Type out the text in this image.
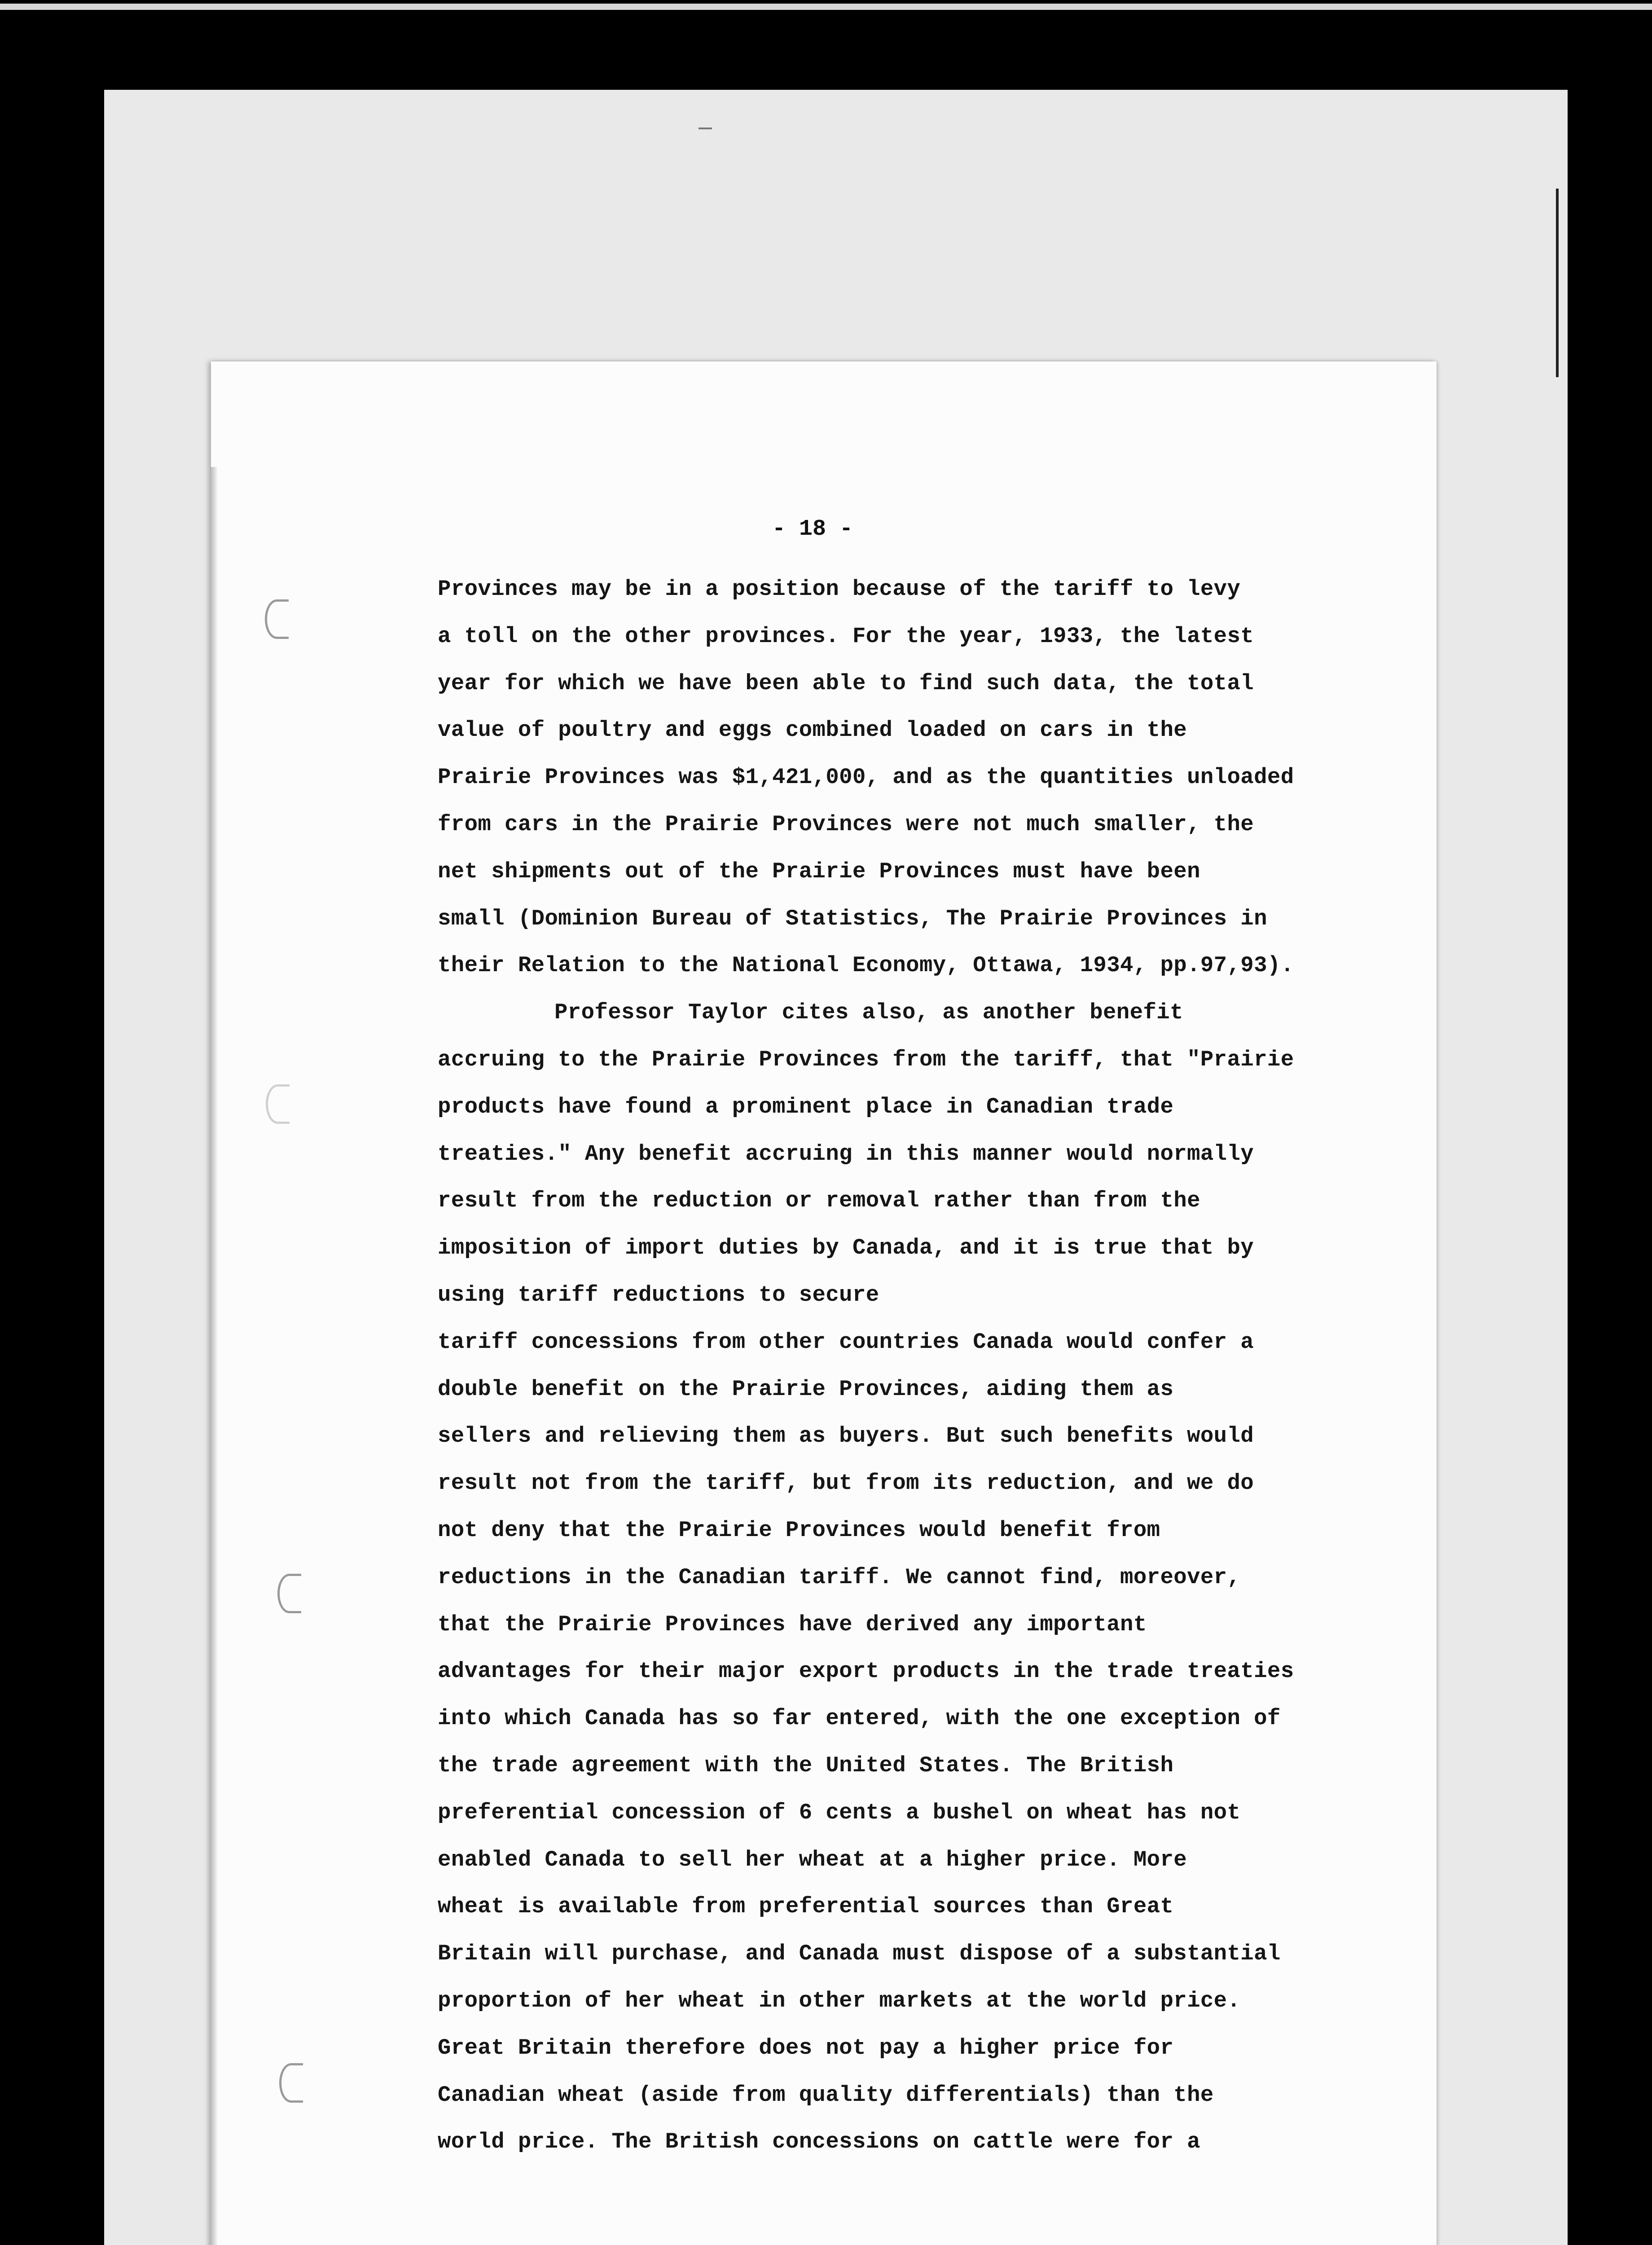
- 18 -
Provinces may be in a position because of the tariff to levy
a toll on the other provinces. For the year, 1933, the latest
year for which we have been able to find such data, the total
value of poultry and eggs combined loaded on cars in the
Prairie Provinces was $1,421,000, and as the quantities unloaded
from cars in the Prairie Provinces were not much smaller, the
net shipments out of the Prairie Provinces must have been
small (Dominion Bureau of Statistics, The Prairie Provinces in
their Relation to the National Economy, Ottawa, 1934, pp.97,93).
Professor Taylor cites also, as another benefit
accruing to the Prairie Provinces from the tariff, that "Prairie
products have found a prominent place in Canadian trade
treaties." Any benefit accruing in this manner would normally
result from the reduction or removal rather than from the
imposition of import duties by Canada, and it is true that by
using tariff reductions to secure
tariff concessions from other countries Canada would confer a
double benefit on the Prairie Provinces, aiding them as
sellers and relieving them as buyers. But such benefits would
result not from the tariff, but from its reduction, and we do
not deny that the Prairie Provinces would benefit from
reductions in the Canadian tariff. We cannot find, moreover,
that the Prairie Provinces have derived any important
advantages for their major export products in the trade treaties
into which Canada has so far entered, with the one exception of
the trade agreement with the United States. The British
preferential concession of 6 cents a bushel on wheat has not
enabled Canada to sell her wheat at a higher price. More
wheat is available from preferential sources than Great
Britain will purchase, and Canada must dispose of a substantial
proportion of her wheat in other markets at the world price.
Great Britain therefore does not pay a higher price for
Canadian wheat (aside from quality differentials) than the
world price. The British concessions on cattle were for a
